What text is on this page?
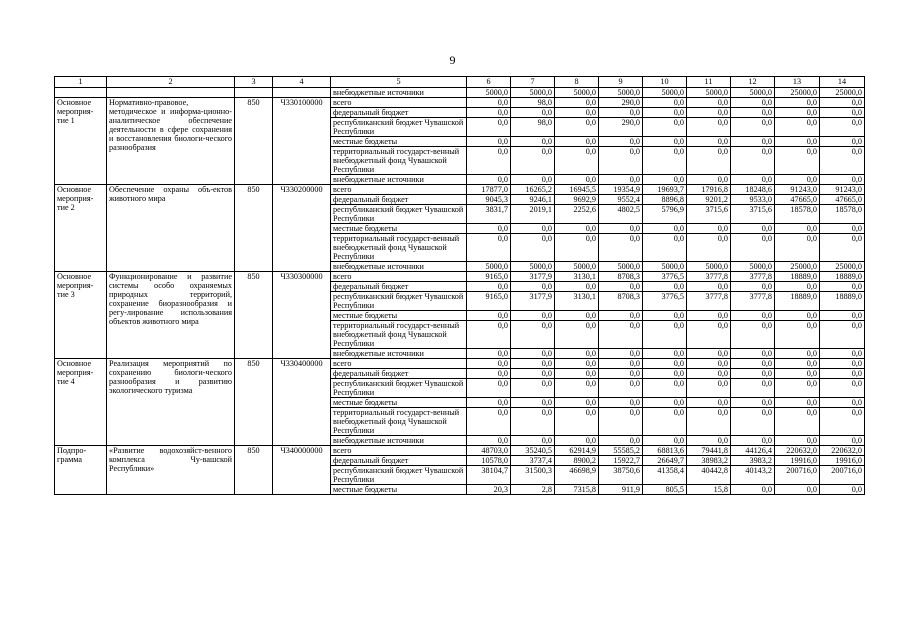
9
1	2	3	4	5	6	7	8	9	10	11	12	13	14
				внебюджетные источники	5000,0	5000,0	5000,0	5000,0	5000,0	5000,0	5000,0	25000,0	25000,0
Основное мероприя-тие 1	Нормативно-правовое, методическое и информа-ционно-аналитическое обеспечение деятельности в сфере сохранения и восстановления биологи-ческого разнообразия	850	Ч330100000	всего	0,0	98,0	0,0	290,0	0,0	0,0	0,0	0,0	0,0
				федеральный бюджет	0,0	0,0	0,0	0,0	0,0	0,0	0,0	0,0	0,0
				республиканский бюджет Чувашской Республики	0,0	98,0	0,0	290,0	0,0	0,0	0,0	0,0	0,0
				местные бюджеты	0,0	0,0	0,0	0,0	0,0	0,0	0,0	0,0	0,0
				территориальный государст-венный внебюджетный фонд Чувашской Республики	0,0	0,0	0,0	0,0	0,0	0,0	0,0	0,0	0,0
				внебюджетные источники	0,0	0,0	0,0	0,0	0,0	0,0	0,0	0,0	0,0
Основное мероприя-тие 2	Обеспечение охраны объ-ектов животного мира	850	Ч330200000	всего	17877,0	16265,2	16945,5	19354,9	19693,7	17916,8	18248,6	91243,0	91243,0
				федеральный бюджет	9045,3	9246,1	9692,9	9552,4	8896,8	9201,2	9533,0	47665,0	47665,0
				республиканский бюджет Чувашской Республики	3831,7	2019,1	2252,6	4802,5	5796,9	3715,6	3715,6	18578,0	18578,0
				местные бюджеты	0,0	0,0	0,0	0,0	0,0	0,0	0,0	0,0	0,0
				территориальный государст-венный внебюджетный фонд Чувашской Республики	0,0	0,0	0,0	0,0	0,0	0,0	0,0	0,0	0,0
				внебюджетные источники	5000,0	5000,0	5000,0	5000,0	5000,0	5000,0	5000,0	25000,0	25000,0
Основное мероприя-тие 3	Функционирование и развитие системы особо охраняемых природных территорий, сохранение биоразнообразия и регу-лирование использования объектов животного мира	850	Ч330300000	всего	9165,0	3177,9	3130,1	8708,3	3776,5	3777,8	3777,8	18889,0	18889,0
				федеральный бюджет	0,0	0,0	0,0	0,0	0,0	0,0	0,0	0,0	0,0
				республиканский бюджет Чувашской Республики	9165,0	3177,9	3130,1	8708,3	3776,5	3777,8	3777,8	18889,0	18889,0
				местные бюджеты	0,0	0,0	0,0	0,0	0,0	0,0	0,0	0,0	0,0
				территориальный государст-венный внебюджетный фонд Чувашской Республики	0,0	0,0	0,0	0,0	0,0	0,0	0,0	0,0	0,0
				внебюджетные источники	0,0	0,0	0,0	0,0	0,0	0,0	0,0	0,0	0,0
Основное мероприя-тие 4	Реализация мероприятий по сохранению биологи-ческого разнообразия и развитию экологического туризма	850	Ч330400000	всего	0,0	0,0	0,0	0,0	0,0	0,0	0,0	0,0	0,0
				федеральный бюджет	0,0	0,0	0,0	0,0	0,0	0,0	0,0	0,0	0,0
				республиканский бюджет Чувашской Республики	0,0	0,0	0,0	0,0	0,0	0,0	0,0	0,0	0,0
				местные бюджеты	0,0	0,0	0,0	0,0	0,0	0,0	0,0	0,0	0,0
				территориальный государст-венный внебюджетный фонд Чувашской Республики	0,0	0,0	0,0	0,0	0,0	0,0	0,0	0,0	0,0
				внебюджетные источники	0,0	0,0	0,0	0,0	0,0	0,0	0,0	0,0	0,0
Подпро-грамма	«Развитие водохозяйст-венного комплекса Чу-вашской Республики»	850	Ч340000000	всего	48703,0	35240,5	62914,9	55585,2	68813,6	79441,8	44126,4	220632,0	220632,0
				федеральный бюджет	10578,0	3737,4	8900,2	15922,7	26649,7	38983,2	3983,2	19916,0	19916,0
				республиканский бюджет Чувашской Республики	38104,7	31500,3	46698,9	38750,6	41358,4	40442,8	40143,2	200716,0	200716,0
				местные бюджеты	20,3	2,8	7315,8	911,9	805,5	15,8	0,0	0,0	0,0
